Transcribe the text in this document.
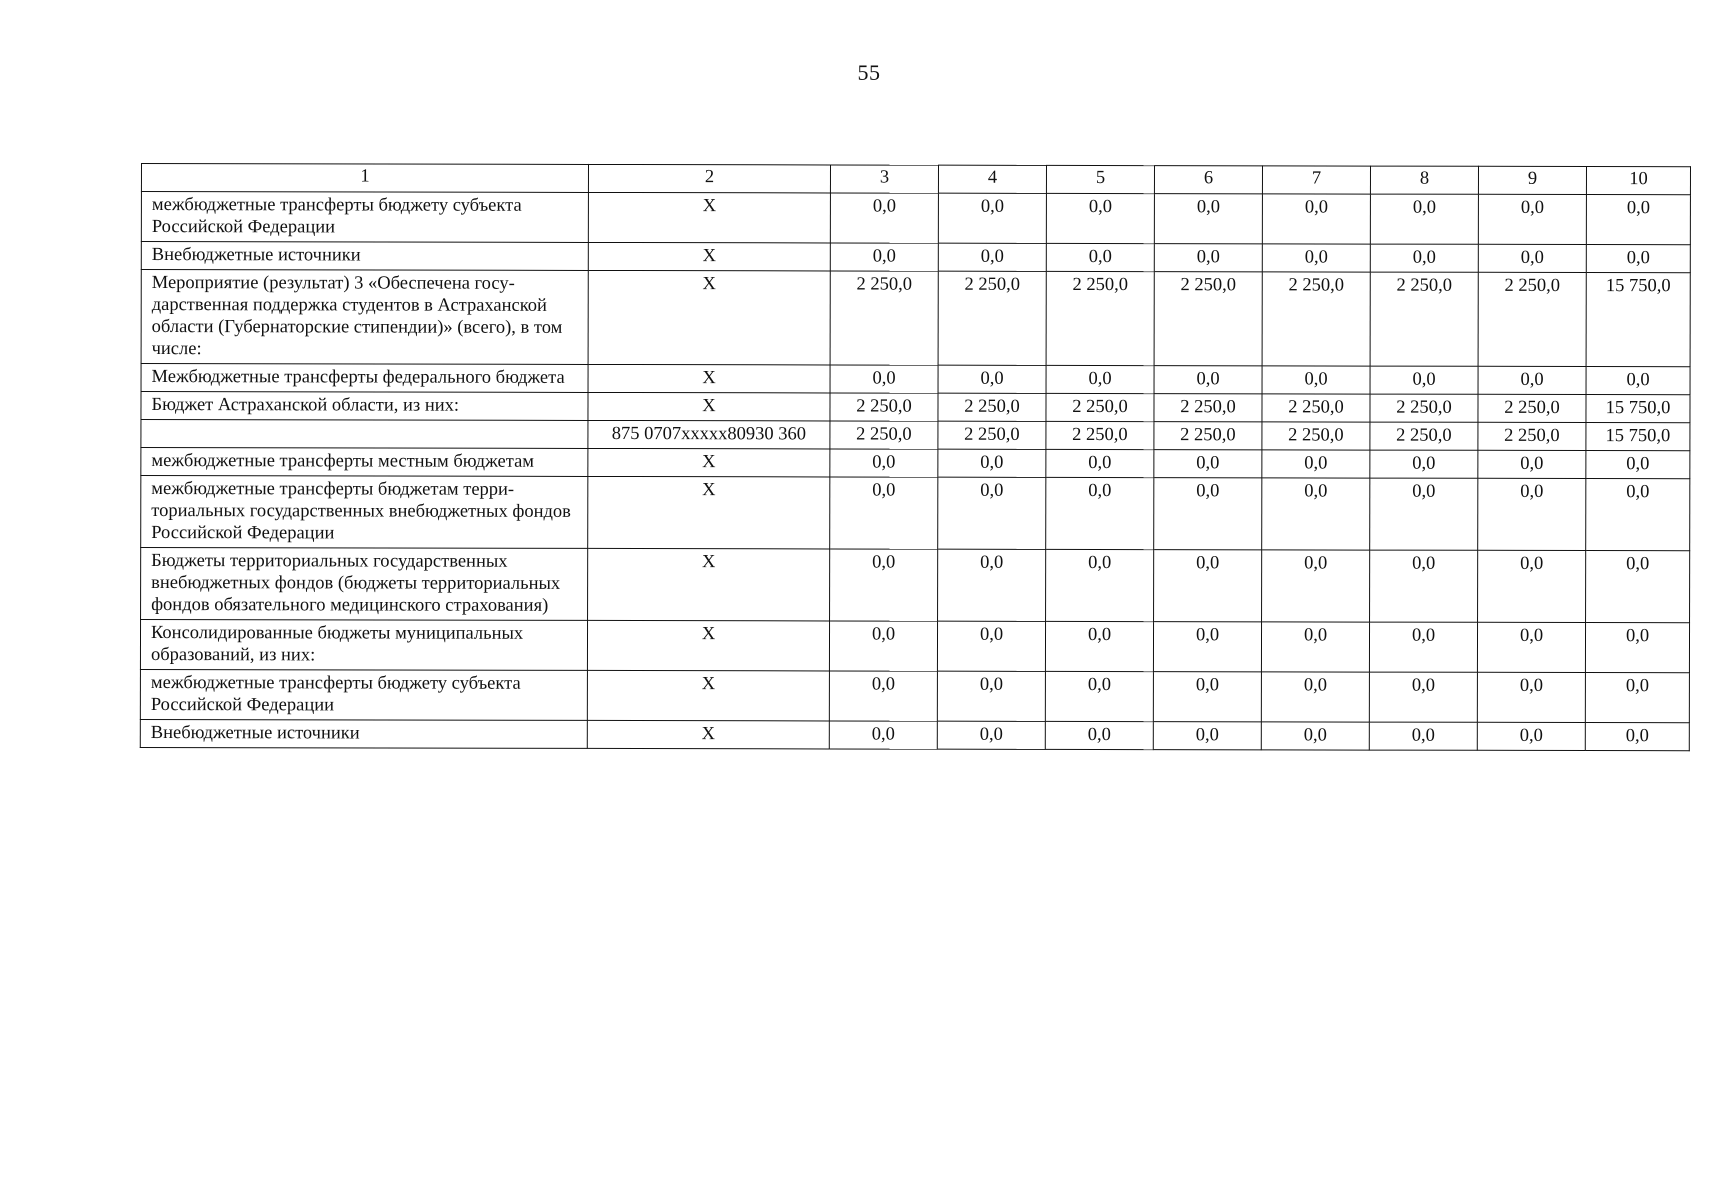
55
1	2	3	4	5	6	7	8	9	10
межбюджетные трансферты бюджету субъекта Российской Федерации	X	0,0	0,0	0,0	0,0	0,0	0,0	0,0	0,0
Внебюджетные источники	X	0,0	0,0	0,0	0,0	0,0	0,0	0,0	0,0
Мероприятие (результат) 3 «Обеспечена государственная поддержка студентов в Астраханской области (Губернаторские стипендии)» (всего), в том числе:	X	2 250,0	2 250,0	2 250,0	2 250,0	2 250,0	2 250,0	2 250,0	15 750,0
Межбюджетные трансферты федерального бюджета	X	0,0	0,0	0,0	0,0	0,0	0,0	0,0	0,0
Бюджет Астраханской области, из них:	X	2 250,0	2 250,0	2 250,0	2 250,0	2 250,0	2 250,0	2 250,0	15 750,0
	875 0707xxxxx80930 360	2 250,0	2 250,0	2 250,0	2 250,0	2 250,0	2 250,0	2 250,0	15 750,0
межбюджетные трансферты местным бюджетам	X	0,0	0,0	0,0	0,0	0,0	0,0	0,0	0,0
межбюджетные трансферты бюджетам территориальных государственных внебюджетных фондов Российской Федерации	X	0,0	0,0	0,0	0,0	0,0	0,0	0,0	0,0
Бюджеты территориальных государственных внебюджетных фондов (бюджеты территориальных фондов обязательного медицинского страхования)	X	0,0	0,0	0,0	0,0	0,0	0,0	0,0	0,0
Консолидированные бюджеты муниципальных образований, из них:	X	0,0	0,0	0,0	0,0	0,0	0,0	0,0	0,0
межбюджетные трансферты бюджету субъекта Российской Федерации	X	0,0	0,0	0,0	0,0	0,0	0,0	0,0	0,0
Внебюджетные источники	X	0,0	0,0	0,0	0,0	0,0	0,0	0,0	0,0
